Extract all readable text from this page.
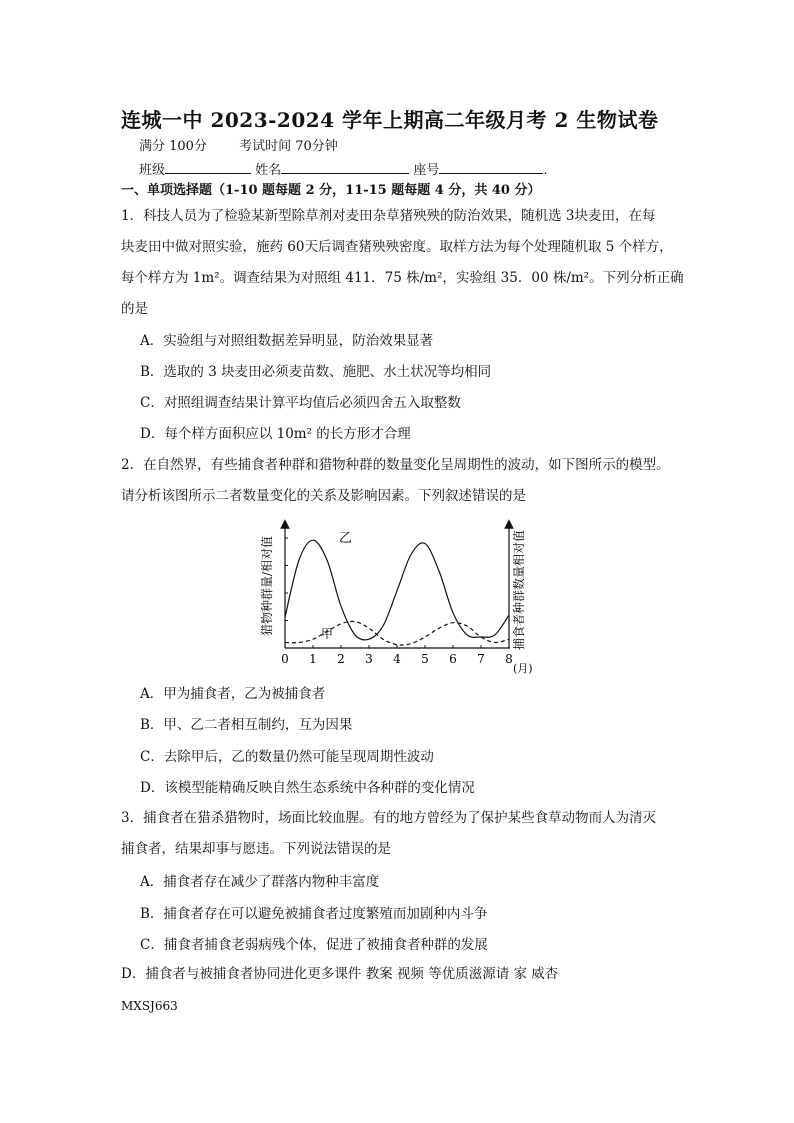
连城一中 2023-2024 学年上期高二年级月考 2 生物试卷
满分 100分 考试时间 70分钟
班级	姓名	座号	.
一、单项选择题（1-10 题每题 2 分，11-15 题每题 4 分，共 40 分）
1．科技人员为了检验某新型除草剂对麦田杂草猪殃殃的防治效果，随机选 3块麦田，在每
块麦田中做对照实验，施药 60天后调查猪殃殃密度。取样方法为每个处理随机取 5 个样方，
每个样方为 1m²。调查结果为对照组 411．75 株/m²，实验组 35．00 株/m²。下列分析正确
的是
A．实验组与对照组数据差异明显，防治效果显著
B．选取的 3 块麦田必须麦苗数、施肥、水土状况等均相同
C．对照组调查结果计算平均值后必须四舍五入取整数
D．每个样方面积应以 10m² 的长方形才合理
2．在自然界，有些捕食者种群和猎物种群的数量变化呈周期性的波动，如下图所示的模型。
请分析该图所示二者数量变化的关系及影响因素。下列叙述错误的是
0 1 2 3 4 5 6 7 8
乙
甲
猎物种群量/相对值	捕食者种群数量相对值
(月)
A．甲为捕食者，乙为被捕食者
B．甲、乙二者相互制约，互为因果
C．去除甲后，乙的数量仍然可能呈现周期性波动
D．该模型能精确反映自然生态系统中各种群的变化情况
3．捕食者在猎杀猎物时，场面比较血腥。有的地方曾经为了保护某些食草动物而人为清灭
捕食者，结果却事与愿违。下列说法错误的是
A．捕食者存在减少了群落内物种丰富度
B．捕食者存在可以避免被捕食者过度繁殖而加剧种内斗争
C．捕食者捕食老弱病残个体，促进了被捕食者种群的发展
D．捕食者与被捕食者协同进化更多课件 教案 视频 等优质滋源请 家 威杏
MXSJ663
